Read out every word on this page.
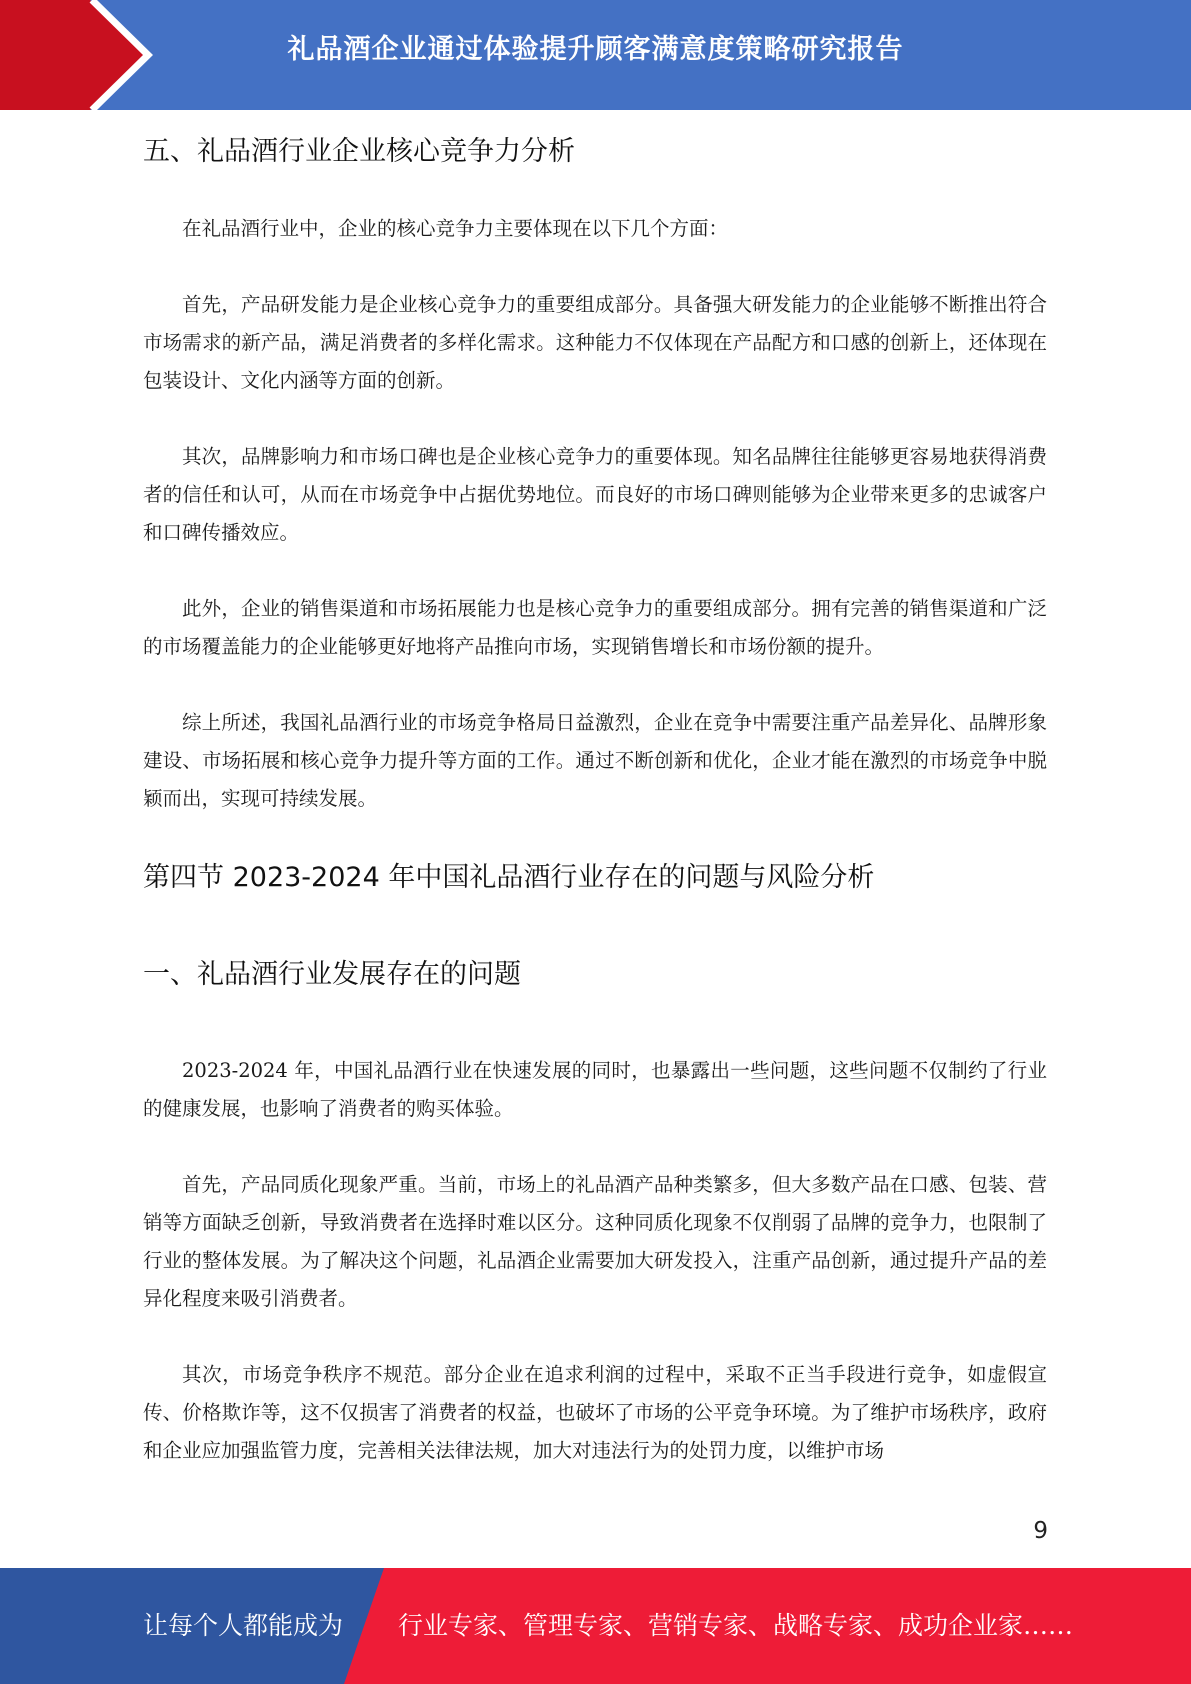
礼品酒企业通过体验提升顾客满意度策略研究报告
五、礼品酒行业企业核心竞争力分析

在礼品酒行业中，企业的核心竞争力主要体现在以下几个方面：

首先，产品研发能力是企业核心竞争力的重要组成部分。具备强大研发能力的企业能够不断推出符合市场需求的新产品，满足消费者的多样化需求。这种能力不仅体现在产品配方和口感的创新上，还体现在包装设计、文化内涵等方面的创新。

其次，品牌影响力和市场口碑也是企业核心竞争力的重要体现。知名品牌往往能够更容易地获得消费者的信任和认可，从而在市场竞争中占据优势地位。而良好的市场口碑则能够为企业带来更多的忠诚客户和口碑传播效应。

此外，企业的销售渠道和市场拓展能力也是核心竞争力的重要组成部分。拥有完善的销售渠道和广泛的市场覆盖能力的企业能够更好地将产品推向市场，实现销售增长和市场份额的提升。

综上所述，我国礼品酒行业的市场竞争格局日益激烈，企业在竞争中需要注重产品差异化、品牌形象建设、市场拓展和核心竞争力提升等方面的工作。通过不断创新和优化，企业才能在激烈的市场竞争中脱颖而出，实现可持续发展。

第四节 2023-2024 年中国礼品酒行业存在的问题与风险分析
一、礼品酒行业发展存在的问题

2023-2024 年，中国礼品酒行业在快速发展的同时，也暴露出一些问题，这些问题不仅制约了行业的健康发展，也影响了消费者的购买体验。

首先，产品同质化现象严重。当前，市场上的礼品酒产品种类繁多，但大多数产品在口感、包装、营销等方面缺乏创新，导致消费者在选择时难以区分。这种同质化现象不仅削弱了品牌的竞争力，也限制了行业的整体发展。为了解决这个问题，礼品酒企业需要加大研发投入，注重产品创新，通过提升产品的差异化程度来吸引消费者。

其次，市场竞争秩序不规范。部分企业在追求利润的过程中，采取不正当手段进行竞争，如虚假宣传、价格欺诈等，这不仅损害了消费者的权益，也破坏了市场的公平竞争环境。为了维护市场秩序，政府和企业应加强监管力度，完善相关法律法规，加大对违法行为的处罚力度，以维护市场

9
让每个人都能成为 行业专家、管理专家、营销专家、战略专家、成功企业家……
